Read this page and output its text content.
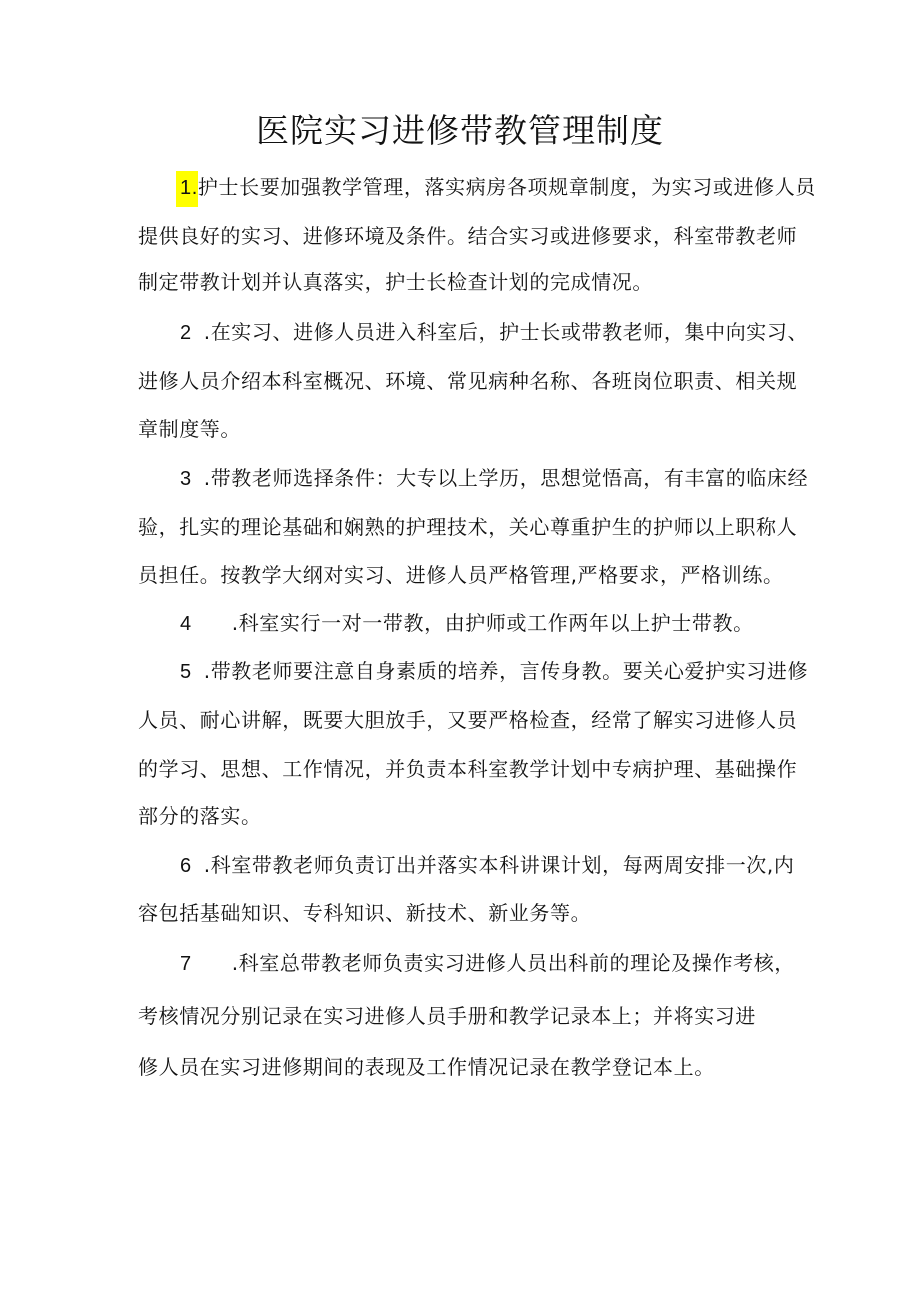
医院实习进修带教管理制度
1.护士长要加强教学管理，落实病房各项规章制度，为实习或进修人员
提供良好的实习、进修环境及条件。结合实习或进修要求，科室带教老师
制定带教计划并认真落实，护士长检查计划的完成情况。
2 .在实习、进修人员进入科室后，护士长或带教老师，集中向实习、
进修人员介绍本科室概况、环境、常见病种名称、各班岗位职责、相关规
章制度等。
3 .带教老师选择条件：大专以上学历，思想觉悟高，有丰富的临床经
验，扎实的理论基础和娴熟的护理技术，关心尊重护生的护师以上职称人
员担任。按教学大纲对实习、进修人员严格管理,严格要求，严格训练。
4 .科室实行一对一带教，由护师或工作两年以上护士带教。
5 .带教老师要注意自身素质的培养，言传身教。要关心爱护实习进修
人员、耐心讲解，既要大胆放手，又要严格检查，经常了解实习进修人员
的学习、思想、工作情况，并负责本科室教学计划中专病护理、基础操作
部分的落实。
6 .科室带教老师负责订出并落实本科讲课计划，每两周安排一次,内
容包括基础知识、专科知识、新技术、新业务等。
7 .科室总带教老师负责实习进修人员出科前的理论及操作考核，
考核情况分别记录在实习进修人员手册和教学记录本上；并将实习进
修人员在实习进修期间的表现及工作情况记录在教学登记本上。
